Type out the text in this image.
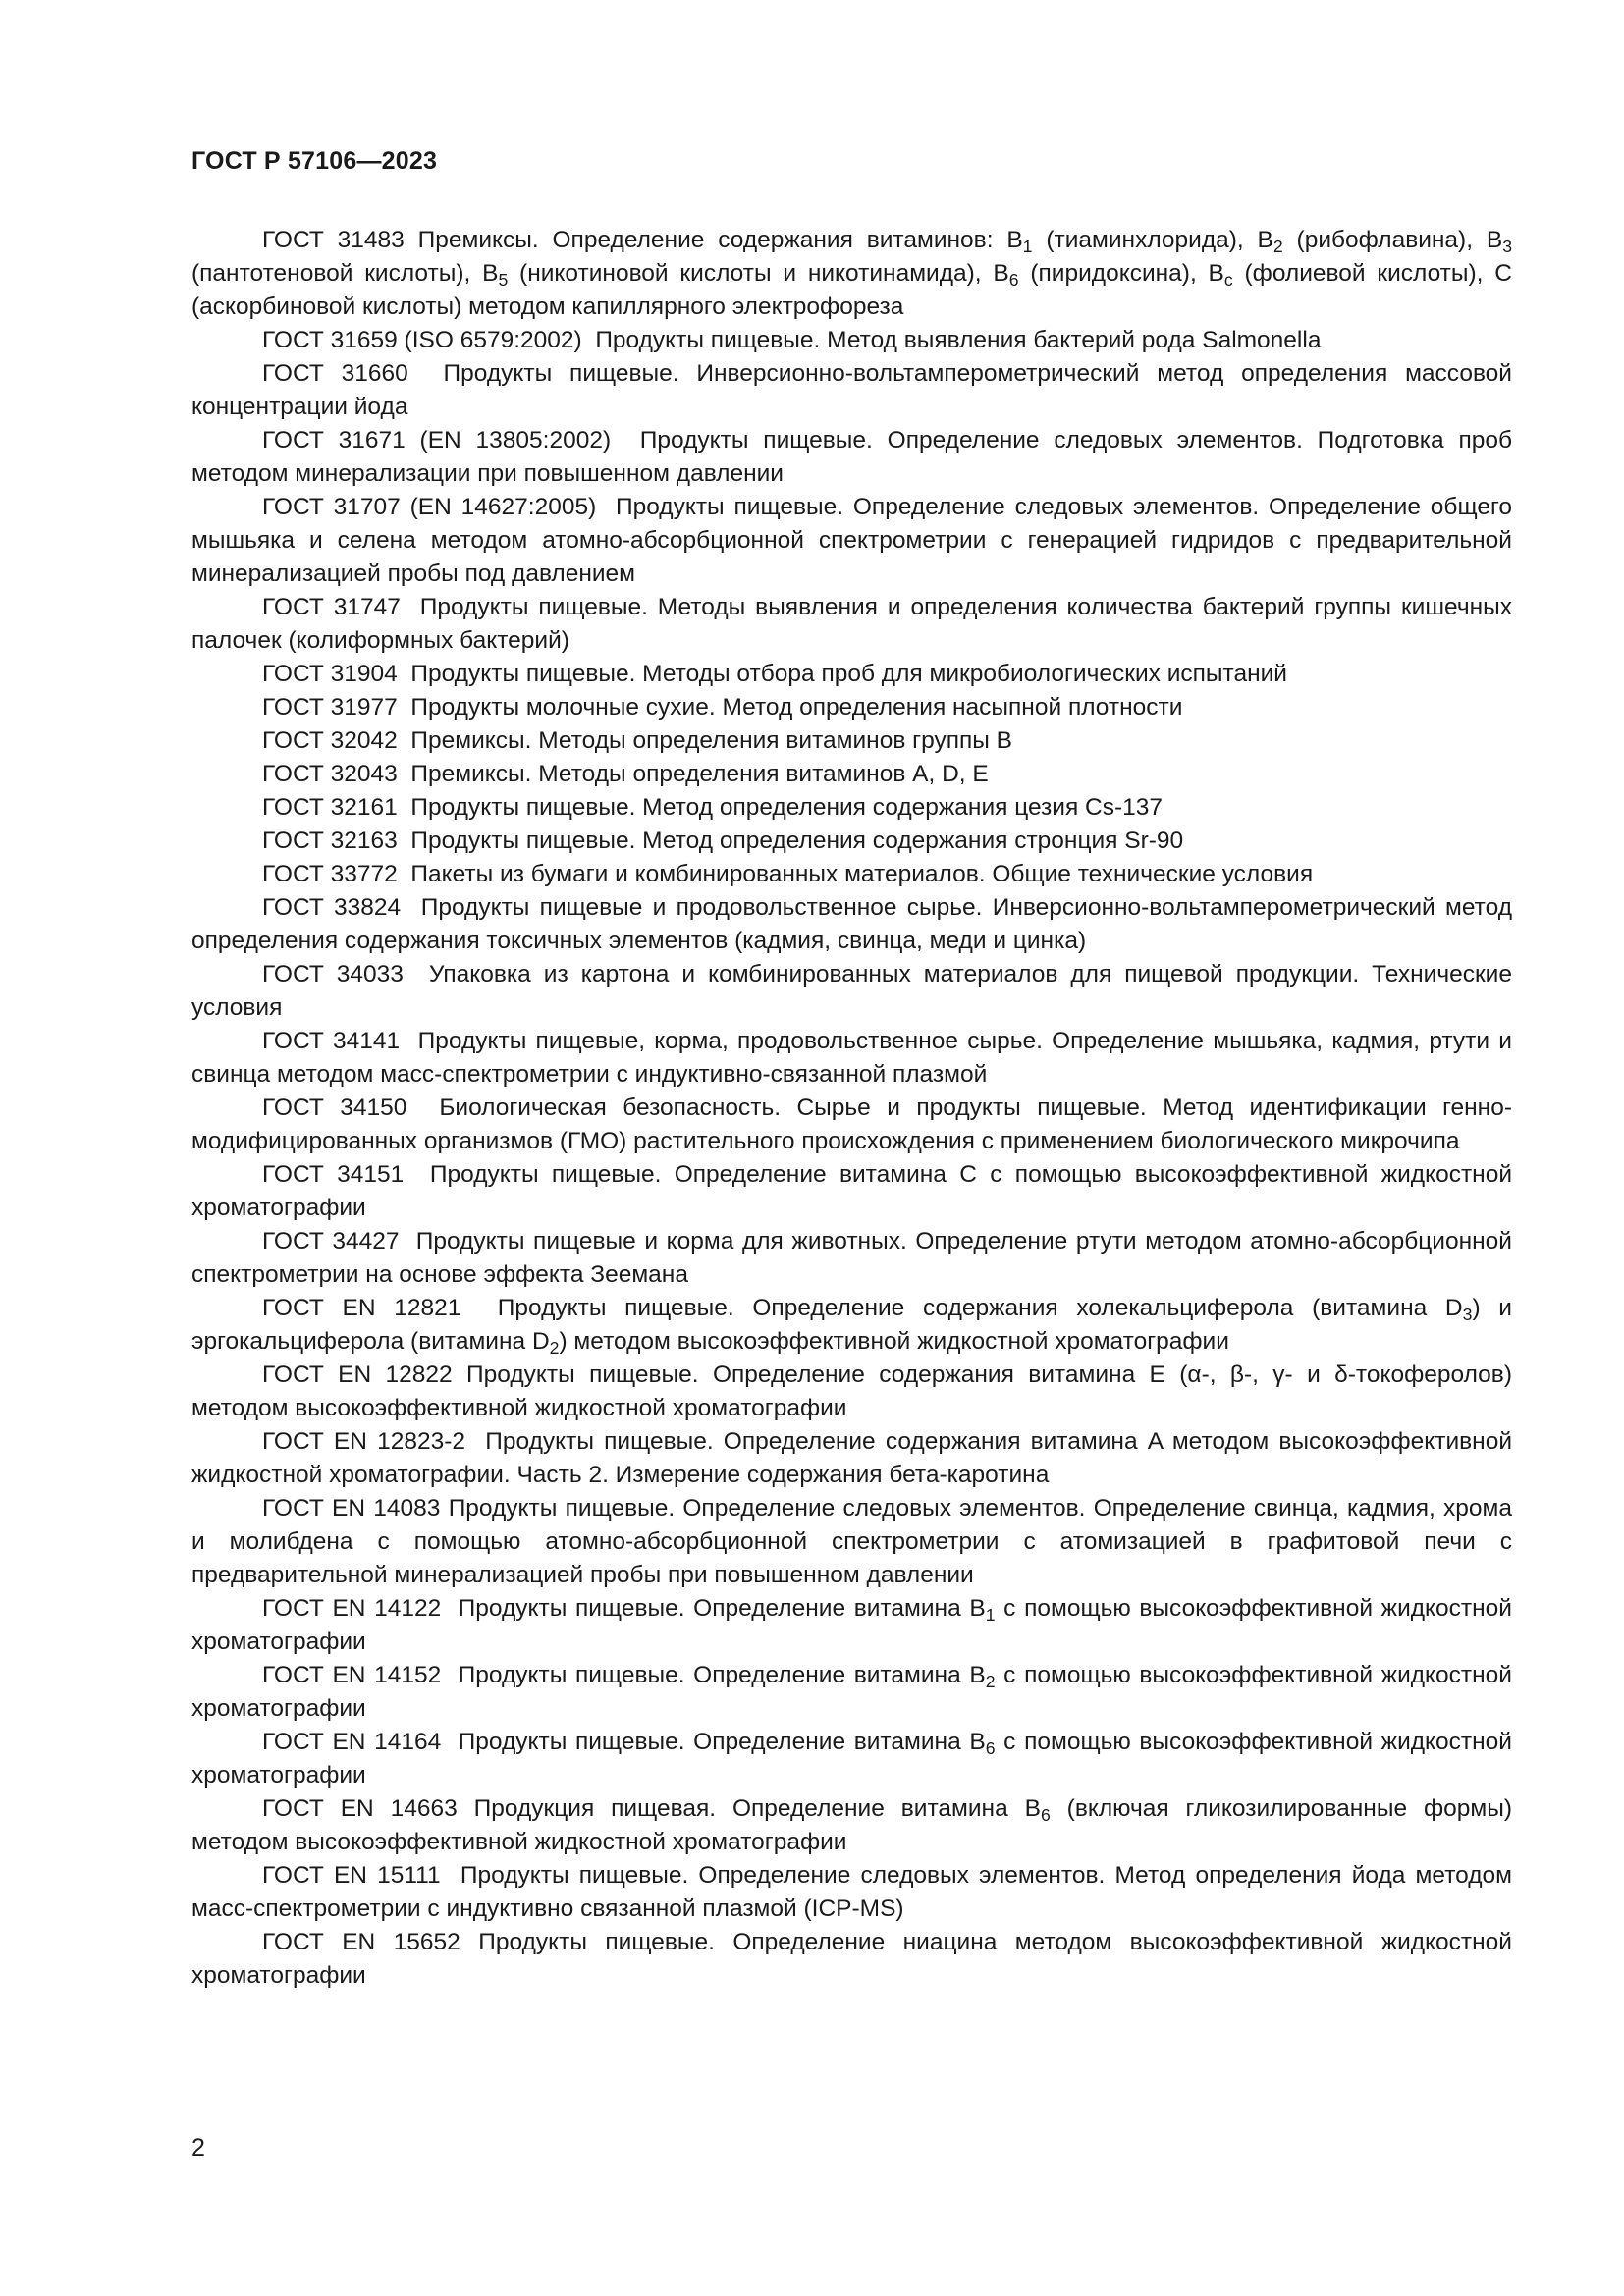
ГОСТ Р 57106—2023

ГОСТ 31483 Премиксы. Определение содержания витаминов: $B_1$ (тиаминхлорида), $B_2$ (рибофлавина), $B_3$ (пантотеновой кислоты), $B_5$ (никотиновой кислоты и никотинамида), $B_6$ (пиридоксина), $B_c$ (фолиевой кислоты), C (аскорбиновой кислоты) методом капиллярного электрофореза

ГОСТ 31659 (ISO 6579:2002) Продукты пищевые. Метод выявления бактерий рода Salmonella

ГОСТ 31660 Продукты пищевые. Инверсионно-вольтамперометрический метод определения массовой концентрации йода

ГОСТ 31671 (EN 13805:2002) Продукты пищевые. Определение следовых элементов. Подготовка проб методом минерализации при повышенном давлении

ГОСТ 31707 (EN 14627:2005) Продукты пищевые. Определение следовых элементов. Определение общего мышьяка и селена методом атомно-абсорбционной спектрометрии с генерацией гидридов с предварительной минерализацией пробы под давлением

ГОСТ 31747 Продукты пищевые. Методы выявления и определения количества бактерий группы кишечных палочек (колиформных бактерий)

ГОСТ 31904 Продукты пищевые. Методы отбора проб для микробиологических испытаний

ГОСТ 31977 Продукты молочные сухие. Метод определения насыпной плотности

ГОСТ 32042 Премиксы. Методы определения витаминов группы B

ГОСТ 32043 Премиксы. Методы определения витаминов A, D, E

ГОСТ 32161 Продукты пищевые. Метод определения содержания цезия Cs-137

ГОСТ 32163 Продукты пищевые. Метод определения содержания стронция Sr-90

ГОСТ 33772 Пакеты из бумаги и комбинированных материалов. Общие технические условия

ГОСТ 33824 Продукты пищевые и продовольственное сырье. Инверсионно-вольтамперометрический метод определения содержания токсичных элементов (кадмия, свинца, меди и цинка)

ГОСТ 34033 Упаковка из картона и комбинированных материалов для пищевой продукции. Технические условия

ГОСТ 34141 Продукты пищевые, корма, продовольственное сырье. Определение мышьяка, кадмия, ртути и свинца методом масс-спектрометрии с индуктивно-связанной плазмой

ГОСТ 34150 Биологическая безопасность. Сырье и продукты пищевые. Метод идентификации генно-модифицированных организмов (ГМО) растительного происхождения с применением биологического микрочипа

ГОСТ 34151 Продукты пищевые. Определение витамина C с помощью высокоэффективной жидкостной хроматографии

ГОСТ 34427 Продукты пищевые и корма для животных. Определение ртути методом атомно-абсорбционной спектрометрии на основе эффекта Зеемана

ГОСТ EN 12821 Продукты пищевые. Определение содержания холекальциферола (витамина $D_3$) и эргокальциферола (витамина $D_2$) методом высокоэффективной жидкостной хроматографии

ГОСТ EN 12822 Продукты пищевые. Определение содержания витамина E (α-, β-, γ- и δ-токоферолов) методом высокоэффективной жидкостной хроматографии

ГОСТ EN 12823-2 Продукты пищевые. Определение содержания витамина A методом высокоэффективной жидкостной хроматографии. Часть 2. Измерение содержания бета-каротина

ГОСТ EN 14083 Продукты пищевые. Определение следовых элементов. Определение свинца, кадмия, хрома и молибдена с помощью атомно-абсорбционной спектрометрии с атомизацией в графитовой печи с предварительной минерализацией пробы при повышенном давлении

ГОСТ EN 14122 Продукты пищевые. Определение витамина $B_1$ с помощью высокоэффективной жидкостной хроматографии

ГОСТ EN 14152 Продукты пищевые. Определение витамина $B_2$ с помощью высокоэффективной жидкостной хроматографии

ГОСТ EN 14164 Продукты пищевые. Определение витамина $B_6$ с помощью высокоэффективной жидкостной хроматографии

ГОСТ EN 14663 Продукция пищевая. Определение витамина $B_6$ (включая гликозилированные формы) методом высокоэффективной жидкостной хроматографии

ГОСТ EN 15111 Продукты пищевые. Определение следовых элементов. Метод определения йода методом масс-спектрометрии с индуктивно связанной плазмой (ICP-MS)

ГОСТ EN 15652 Продукты пищевые. Определение ниацина методом высокоэффективной жидкостной хроматографии

2
